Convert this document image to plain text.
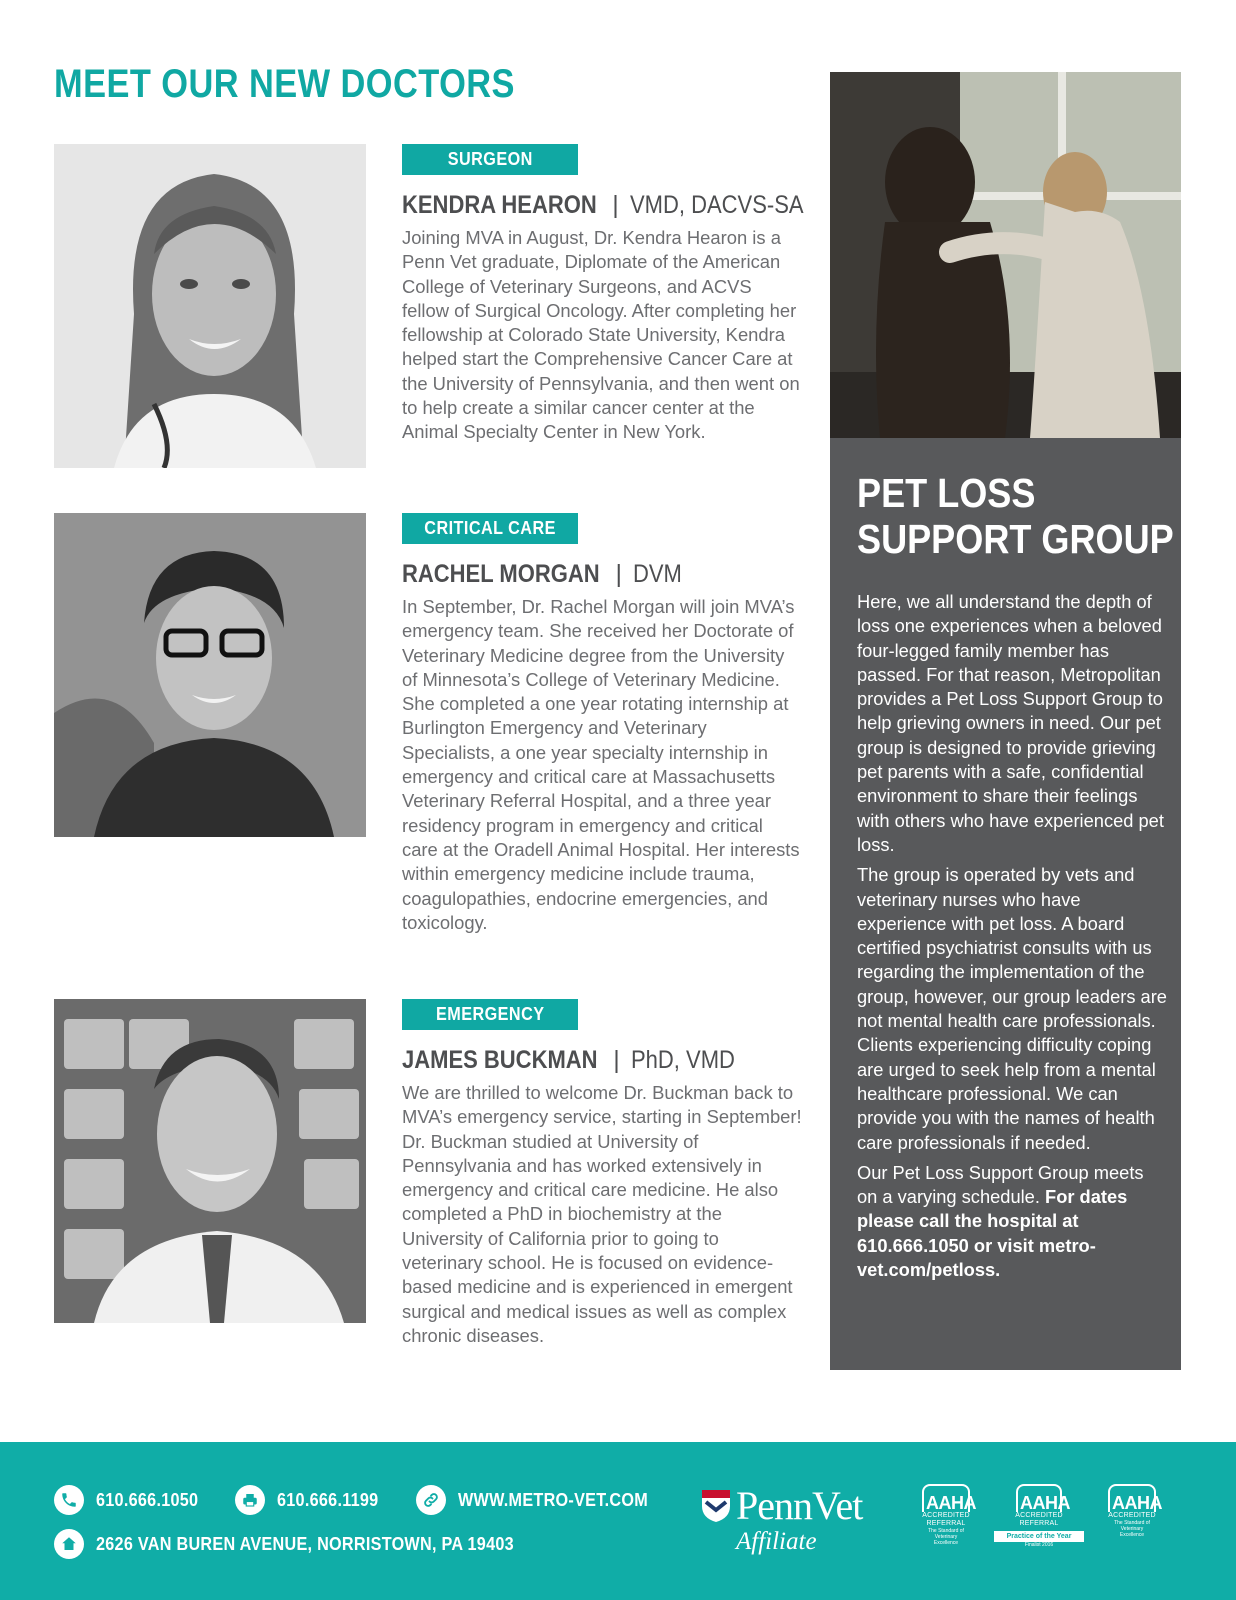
MEET OUR NEW DOCTORS
SURGEON
KENDRA HEARON | VMD, DACVS-SA

Joining MVA in August, Dr. Kendra Hearon is a Penn Vet graduate, Diplomate of the American College of Veterinary Surgeons, and ACVS fellow of Surgical Oncology. After completing her fellowship at Colorado State University, Kendra helped start the Comprehensive Cancer Care at the University of Pennsylvania, and then went on to help create a similar cancer center at the Animal Specialty Center in New York.

CRITICAL CARE
RACHEL MORGAN | DVM

In September, Dr. Rachel Morgan will join MVA’s emergency team. She received her Doctorate of Veterinary Medicine degree from the University of Minnesota’s College of Veterinary Medicine. She completed a one year rotating internship at Burlington Emergency and Veterinary Specialists, a one year specialty internship in emergency and critical care at Massachusetts Veterinary Referral Hospital, and a three year residency program in emergency and critical care at the Oradell Animal Hospital. Her interests within emergency medicine include trauma, coagulopathies, endocrine emergencies, and toxicology.

EMERGENCY
JAMES BUCKMAN | PhD, VMD

We are thrilled to welcome Dr. Buckman back to MVA’s emergency service, starting in September! Dr. Buckman studied at University of Pennsylvania and has worked extensively in emergency and critical care medicine. He also completed a PhD in biochemistry at the University of California prior to going to veterinary school. He is focused on evidence-based medicine and is experienced in emergent surgical and medical issues as well as complex chronic diseases.

PET LOSS
SUPPORT GROUP

Here, we all understand the depth of loss one experiences when a beloved four-legged family member has passed. For that reason, Metropolitan provides a Pet Loss Support Group to help grieving owners in need. Our pet group is designed to provide grieving pet parents with a safe, confidential environment to share their feelings with others who have experienced pet loss.

The group is operated by vets and veterinary nurses who have experience with pet loss. A board certified psychiatrist consults with us regarding the implementation of the group, however, our group leaders are not mental health care professionals. Clients experiencing difficulty coping are urged to seek help from a mental healthcare professional. We can provide you with the names of health care professionals if needed.

Our Pet Loss Support Group meets on a varying schedule. For dates please call the hospital at 610.666.1050 or visit metro-vet.com/petloss.

610.666.1050	610.666.1199	WWW.METRO-VET.COM
2626 VAN BUREN AVENUE, NORRISTOWN, PA 19403
PennVet
Affiliate
AAHA
ACCREDITED
REFERRAL
The Standard of Veterinary Excellence
AAHA
ACCREDITED
REFERRAL
Practice of the Year
Finalist 2016
AAHA
ACCREDITED
The Standard of Veterinary Excellence
